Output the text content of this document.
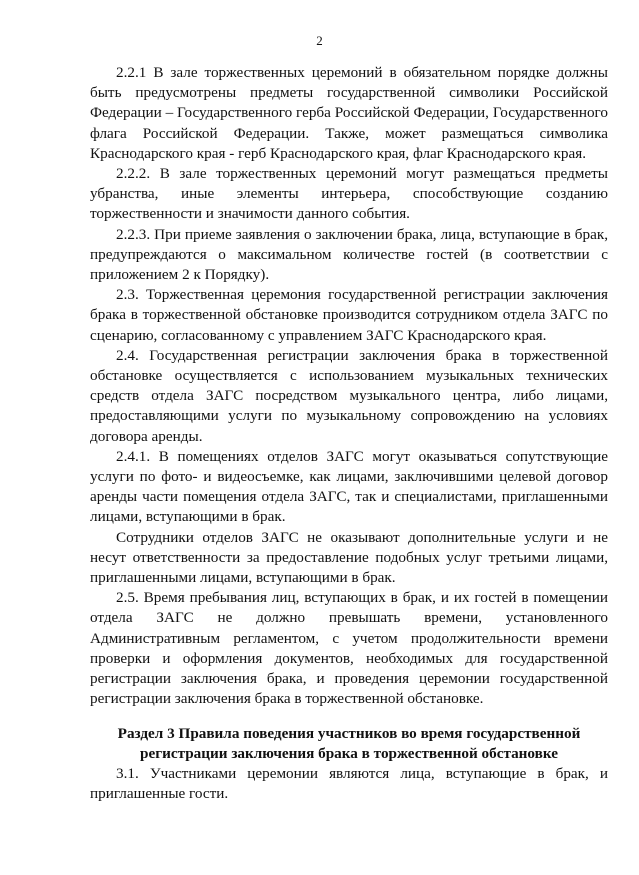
2

2.2.1 В зале торжественных церемоний в обязательном порядке должны быть предусмотрены предметы государственной символики Российской Федерации – Государственного герба Российской Федерации, Государственного флага Российской Федерации. Также, может размещаться символика Краснодарского края - герб Краснодарского края, флаг Краснодарского края.

2.2.2. В зале торжественных церемоний могут размещаться предметы убранства, иные элементы интерьера, способствующие созданию торжественности и значимости данного события.

2.2.3. При приеме заявления о заключении брака, лица, вступающие в брак, предупреждаются о максимальном количестве гостей (в соответствии с приложением 2 к Порядку).

2.3. Торжественная церемония государственной регистрации заключения брака в торжественной обстановке производится сотрудником отдела ЗАГС по сценарию, согласованному с управлением ЗАГС Краснодарского края.

2.4. Государственная регистрации заключения брака в торжественной обстановке осуществляется с использованием музыкальных технических средств отдела ЗАГС посредством музыкального центра, либо лицами, предоставляющими услуги по музыкальному сопровождению на условиях договора аренды.

2.4.1. В помещениях отделов ЗАГС могут оказываться сопутствующие услуги по фото- и видеосъемке, как лицами, заключившими целевой договор аренды части помещения отдела ЗАГС, так и специалистами, приглашенными лицами, вступающими в брак.

Сотрудники отделов ЗАГС не оказывают дополнительные услуги и не несут ответственности за предоставление подобных услуг третьими лицами, приглашенными лицами, вступающими в брак.

2.5. Время пребывания лиц, вступающих в брак, и их гостей в помещении отдела ЗАГС не должно превышать времени, установленного Административным регламентом, с учетом продолжительности времени проверки и оформления документов, необходимых для государственной регистрации заключения брака, и проведения церемонии государственной регистрации заключения брака в торжественной обстановке.

Раздел 3 Правила поведения участников во время государственной
регистрации заключения брака в торжественной обстановке

3.1. Участниками церемонии являются лица, вступающие в брак, и приглашенные гости.
